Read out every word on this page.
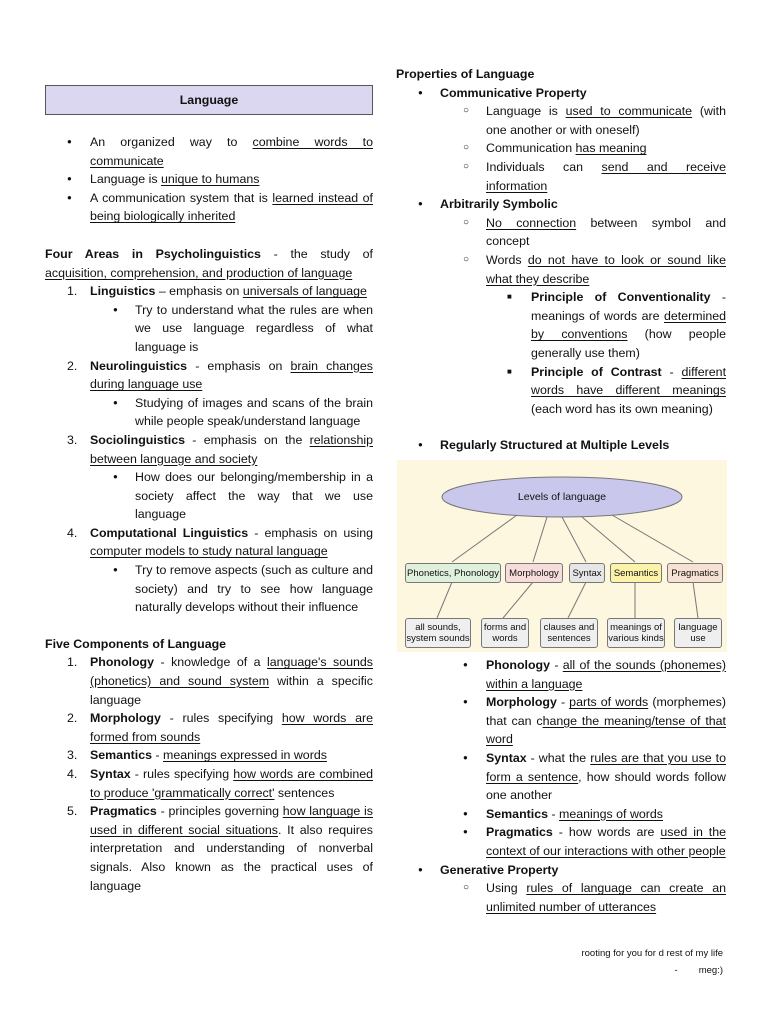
Language
● An organized way to combine words to communicate
● Language is unique to humans
● A communication system that is learned instead of being biologically inherited
Four Areas in Psycholinguistics - the study of acquisition, comprehension, and production of language
1. Linguistics – emphasis on universals of language
● Try to understand what the rules are when we use language regardless of what language is
2. Neurolinguistics - emphasis on brain changes during language use
● Studying of images and scans of the brain while people speak/understand language
3. Sociolinguistics - emphasis on the relationship between language and society
● How does our belonging/membership in a society affect the way that we use language
4. Computational Linguistics - emphasis on using computer models to study natural language
● Try to remove aspects (such as culture and society) and try to see how language naturally develops without their influence
Five Components of Language
1. Phonology - knowledge of a language's sounds (phonetics) and sound system within a specific language
2. Morphology - rules specifying how words are formed from sounds
3. Semantics - meanings expressed in words
4. Syntax - rules specifying how words are combined to produce 'grammatically correct' sentences
5. Pragmatics - principles governing how language is used in different social situations. It also requires interpretation and understanding of nonverbal signals. Also known as the practical uses of language
Properties of Language
● Communicative Property
○ Language is used to communicate (with one another or with oneself)
○ Communication has meaning
○ Individuals can send and receive information
● Arbitrarily Symbolic
○ No connection between symbol and concept
○ Words do not have to look or sound like what they describe
■ Principle of Conventionality - meanings of words are determined by conventions (how people generally use them)
■ Principle of Contrast - different words have different meanings (each word has its own meaning)
● Regularly Structured at Multiple Levels
Levels of language
Phonetics, Phonology	Morphology	Syntax	Semantics	Pragmatics
all sounds, system sounds
forms and words
clauses and sentences
meanings of various kinds
language use
● Phonology - all of the sounds (phonemes) within a language
● Morphology - parts of words (morphemes) that can change the meaning/tense of that word
● Syntax - what the rules are that you use to form a sentence, how should words follow one another
● Semantics - meanings of words
● Pragmatics - how words are used in the context of our interactions with other people
● Generative Property
○ Using rules of language can create an unlimited number of utterances
rooting for you for d rest of my life
-        meg:)
